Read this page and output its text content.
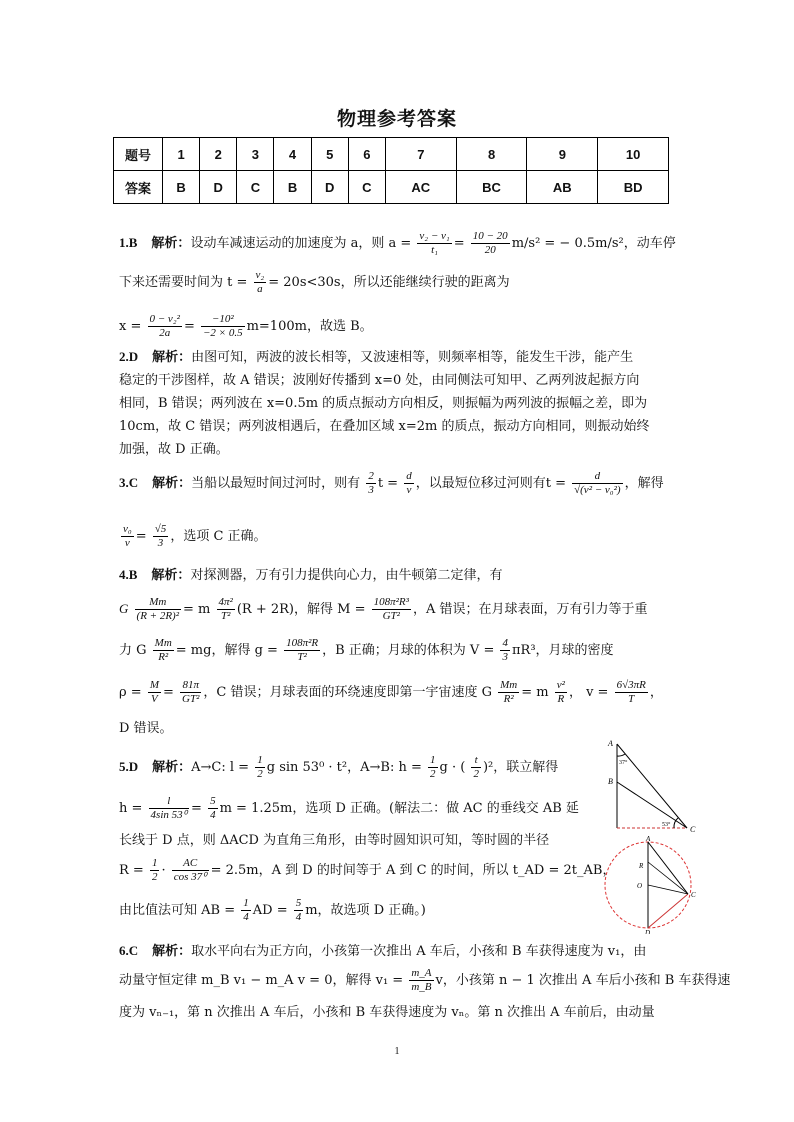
物理参考答案
题号	1	2	3	4	5	6	7	8	9	10
答案	B	D	C	B	D	C	AC	BC	AB	BD
1.B 解析：设动车减速运动的加速度为 a，则 $a = \frac{\text{v₂ − v₁}}{\text{t₁}} = \frac{10 - 20}{20} m/s^2$ = − 0.5m/s²，动车停
下来还需要时间为 $t = \frac{\text{v₂}}{a} = 20s<30s$，所以还能继续行驶的距离为
$x = \frac{\text{0 − v₂²}}{2a} = \frac{\text{−10²}}{-2 \times 0.5} m=100m$，故选 B。
2.D 解析：由图可知，两波的波长相等，又波速相等，则频率相等，能发生干涉，能产生
稳定的干涉图样，故 A 错误；波刚好传播到 x=0 处，由同侧法可知甲、乙两列波起振方向
相同，B 错误；两列波在 x=0.5m 的质点振动方向相反，则振幅为两列波的振幅之差，即为
10cm，故 C 错误；两列波相遇后，在叠加区域 x=2m 的质点，振动方向相同，则振动始终
加强，故 D 正确。
3.C 解析：当船以最短时间过河时，则有 $\frac{2}{3}$ $t = \frac{d}{v}$ ，以最短位移过河则有$t = \frac{d}{\text{√(v² − v₀²)}}$ ，解得
$\frac{\text{v₀}}{v} = \frac{√5}{3}$ ，选项 C 正确。
4.B 解析：对探测器，万有引力提供向心力，由牛顿第二定律，有
G $\frac{Mm}{\text{(R + 2R)²}} = m \frac{\text{4π²}}{\text{T²}} (R + 2R)$，解得 $M = \frac{\text{108π²R³}}{\text{GT²}}$ ，A 错误；在月球表面，万有引力等于重
力 G $\frac{Mm}{\text{R²}}$ = mg，解得 $g = \frac{\text{108π²R}}{\text{T²}}$ ，B 正确；月球的体积为 $V = \frac{4}{3} \pi R^3$，月球的密度
$\rho = \frac{M}{V} = \frac{81\pi}{\text{GT²}}$ ，C 错误；月球表面的环绕速度即第一宇宙速度 G $\frac{Mm}{\text{R²}} = m \frac{\text{v²}}{R}$ ， $v = \frac{6√3\pi R}{T}$ ，
D 错误。
5.D 解析：A→C: $l = \frac{1}{2}$ g sin 53⁰ · t²，A→B: $h = \frac{1}{2}$ g · ( $\frac{t}{2} )^2$，联立解得
$h = \frac{l}{\text{4sin 53⁰}} = \frac{5}{4}$ m = 1.25m，选项 D 正确。(解法二：做 AC 的垂线交 AB 延
长线于 D 点，则 ΔACD 为直角三角形，由等时圆知识可知，等时圆的半径
$R = \frac{1}{2} \cdot \frac{AC}{\text{cos 37⁰}} = 2.5m$，A 到 D 的时间等于 A 到 C 的时间，所以 t_AD = 2t_AB，
由比值法可知 AB = $\frac{1}{4}$ AD = $\frac{5}{4}$ m，故选项 D 正确。)
A
B
C
37°
53°
A
C
D
O
R
6.C 解析：取水平向右为正方向，小孩第一次推出 A 车后，小孩和 B 车获得速度为 v₁，由
动量守恒定律 m_B v₁ − m_A v = 0，解得 $v_1 = \frac{m\_A}{m\_B}$ v，小孩第 n − 1 次推出 A 车后小孩和 B 车获得速
度为 vₙ₋₁，第 n 次推出 A 车后，小孩和 B 车获得速度为 vₙ。第 n 次推出 A 车前后，由动量
1
